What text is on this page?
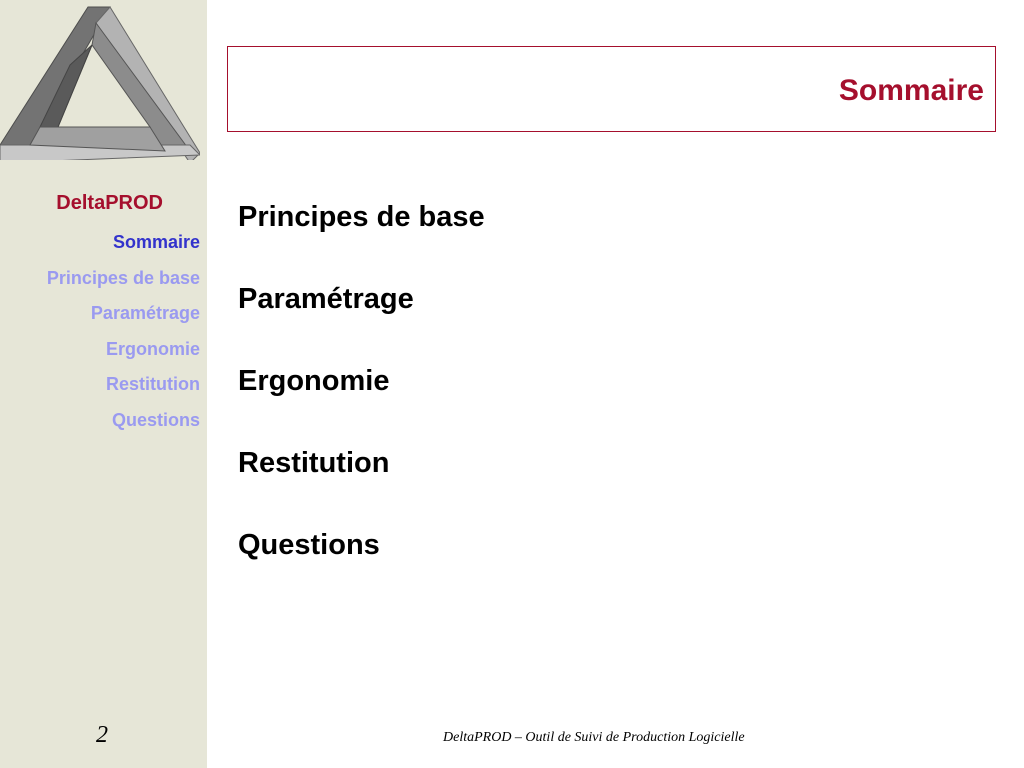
DeltaPROD
Sommaire
Principes de base
Paramétrage
Ergonomie
Restitution
Questions
2
Sommaire
Principes de base
Paramétrage
Ergonomie
Restitution
Questions
DeltaPROD – Outil de Suivi de Production Logicielle
